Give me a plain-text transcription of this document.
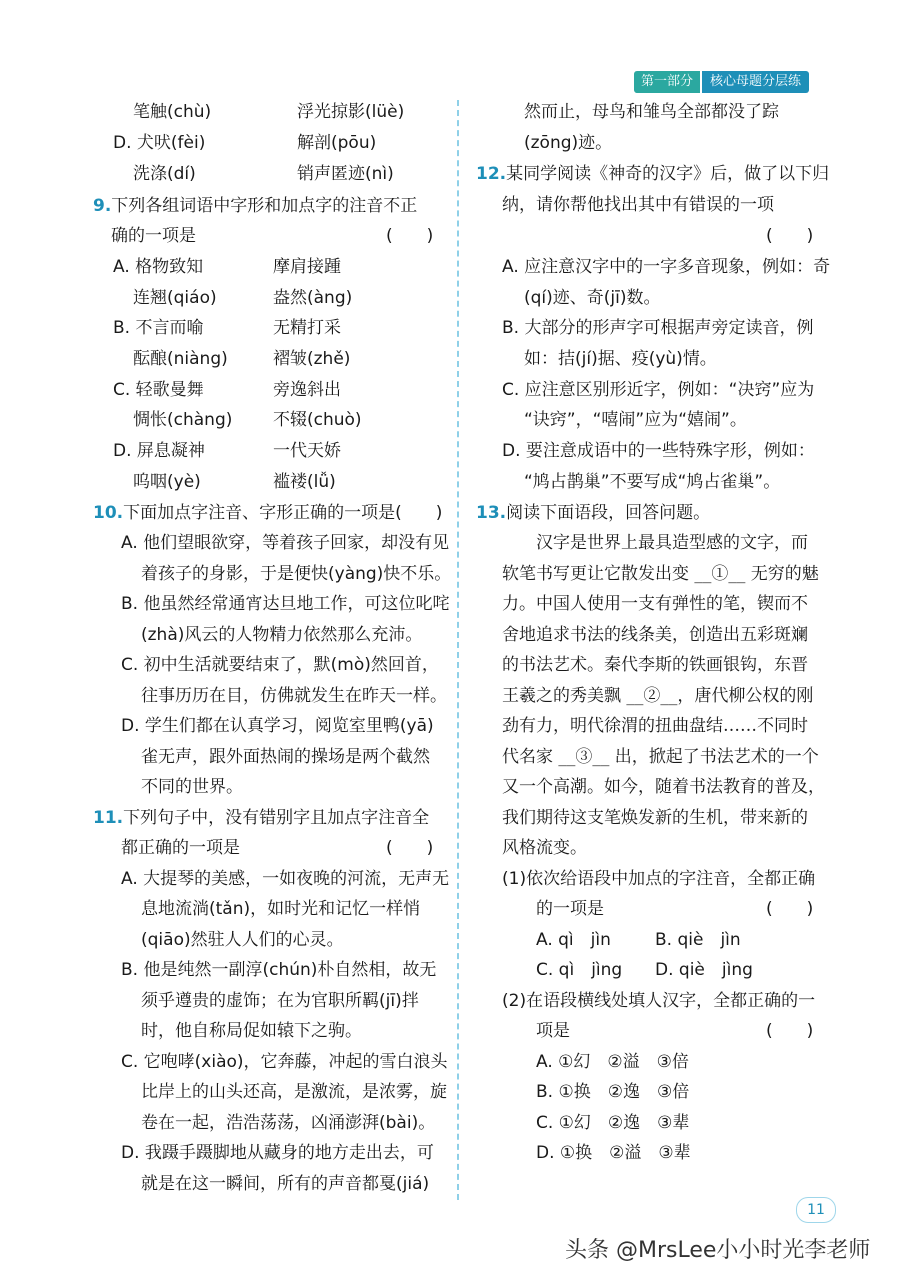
第一部分	核心母题分层练
笔触(chù)	浮光掠影(lüè)
D. 犬吠(fèi)	解剖(pōu)
洗涤(dí)	销声匿迹(nì)
9.下列各组词语中字形和加点字的注音不正
确的一项是	(　　)
A. 格物致知	摩肩接踵
连翘(qiáo)	盎然(àng)
B. 不言而喻	无精打采
酝酿(niàng)	褶皱(zhě)
C. 轻歌曼舞	旁逸斜出
惆怅(chàng) 不辍(chuò)
D. 屏息凝神	一代天娇
呜咽(yè)	褴褛(lǚ)
10.下面加点字注音、字形正确的一项是(　　)
A. 他们望眼欲穿，等着孩子回家，却没有见
着孩子的身影，于是便快(yàng)快不乐。
B. 他虽然经常通宵达旦地工作，可这位叱咤
(zhà)风云的人物精力依然那么充沛。
C. 初中生活就要结束了，默(mò)然回首，
往事历历在目，仿佛就发生在昨天一样。
D. 学生们都在认真学习，阅览室里鸭(yā)
雀无声，跟外面热闹的操场是两个截然
不同的世界。
11.下列句子中，没有错别字且加点字注音全
都正确的一项是	(　　)
A. 大提琴的美感，一如夜晚的河流，无声无
息地流淌(tǎn)，如时光和记忆一样悄
(qiāo)然驻人人们的心灵。
B. 他是纯然一副淳(chún)朴自然相，故无
须乎遵贵的虚饰；在为官职所羁(jī)拌
时，他自称局促如辕下之驹。
C. 它咆哮(xiào)，它奔藤，冲起的雪白浪头
比岸上的山头还高，是激流，是浓雾，旋
卷在一起，浩浩荡荡，凶涌澎湃(bài)。
D. 我蹑手蹑脚地从藏身的地方走出去，可
就是在这一瞬间，所有的声音都戛(jiá)
然而止，母鸟和雏鸟全部都没了踪
(zōng)迹。
12.某同学阅读《神奇的汉字》后，做了以下归
纳，请你帮他找出其中有错误的一项
(　　)
A. 应注意汉字中的一字多音现象，例如：奇
(qí)迹、奇(jī)数。
B. 大部分的形声字可根据声旁定读音，例
如：拮(jí)据、疫(yù)情。
C. 应注意区别形近字，例如：“决窍”应为
“诀窍”，“嘻闹”应为“嬉闹”。
D. 要注意成语中的一些特殊字形，例如：
“鸠占鹊巢”不要写成“鸠占雀巢”。
13.阅读下面语段，回答问题。
汉字是世界上最具造型感的文字，而
软笔书写更让它散发出变 __①__ 无穷的魅
力。中国人使用一支有弹性的笔，锲而不
舍地追求书法的线条美，创造出五彩斑斓
的书法艺术。秦代李斯的铁画银钩，东晋
王羲之的秀美飘 __②__，唐代柳公权的刚
劲有力，明代徐渭的扭曲盘结……不同时
代名家 __③__ 出，掀起了书法艺术的一个
又一个高潮。如今，随着书法教育的普及，
我们期待这支笔焕发新的生机，带来新的
风格流变。
(1)依次给语段中加点的字注音，全都正确
的一项是	(　　)
A. qì　jìn	B. qiè　jìn
C. qì　jìng D. qiè　jìng
(2)在语段横线处填人汉字，全都正确的一
项是	(　　)
A. ①幻　②溢　③倍
B. ①换　②逸　③倍
C. ①幻　②逸　③辈
D. ①换　②溢　③辈
11
头条 @MrsLee小小时光李老师
